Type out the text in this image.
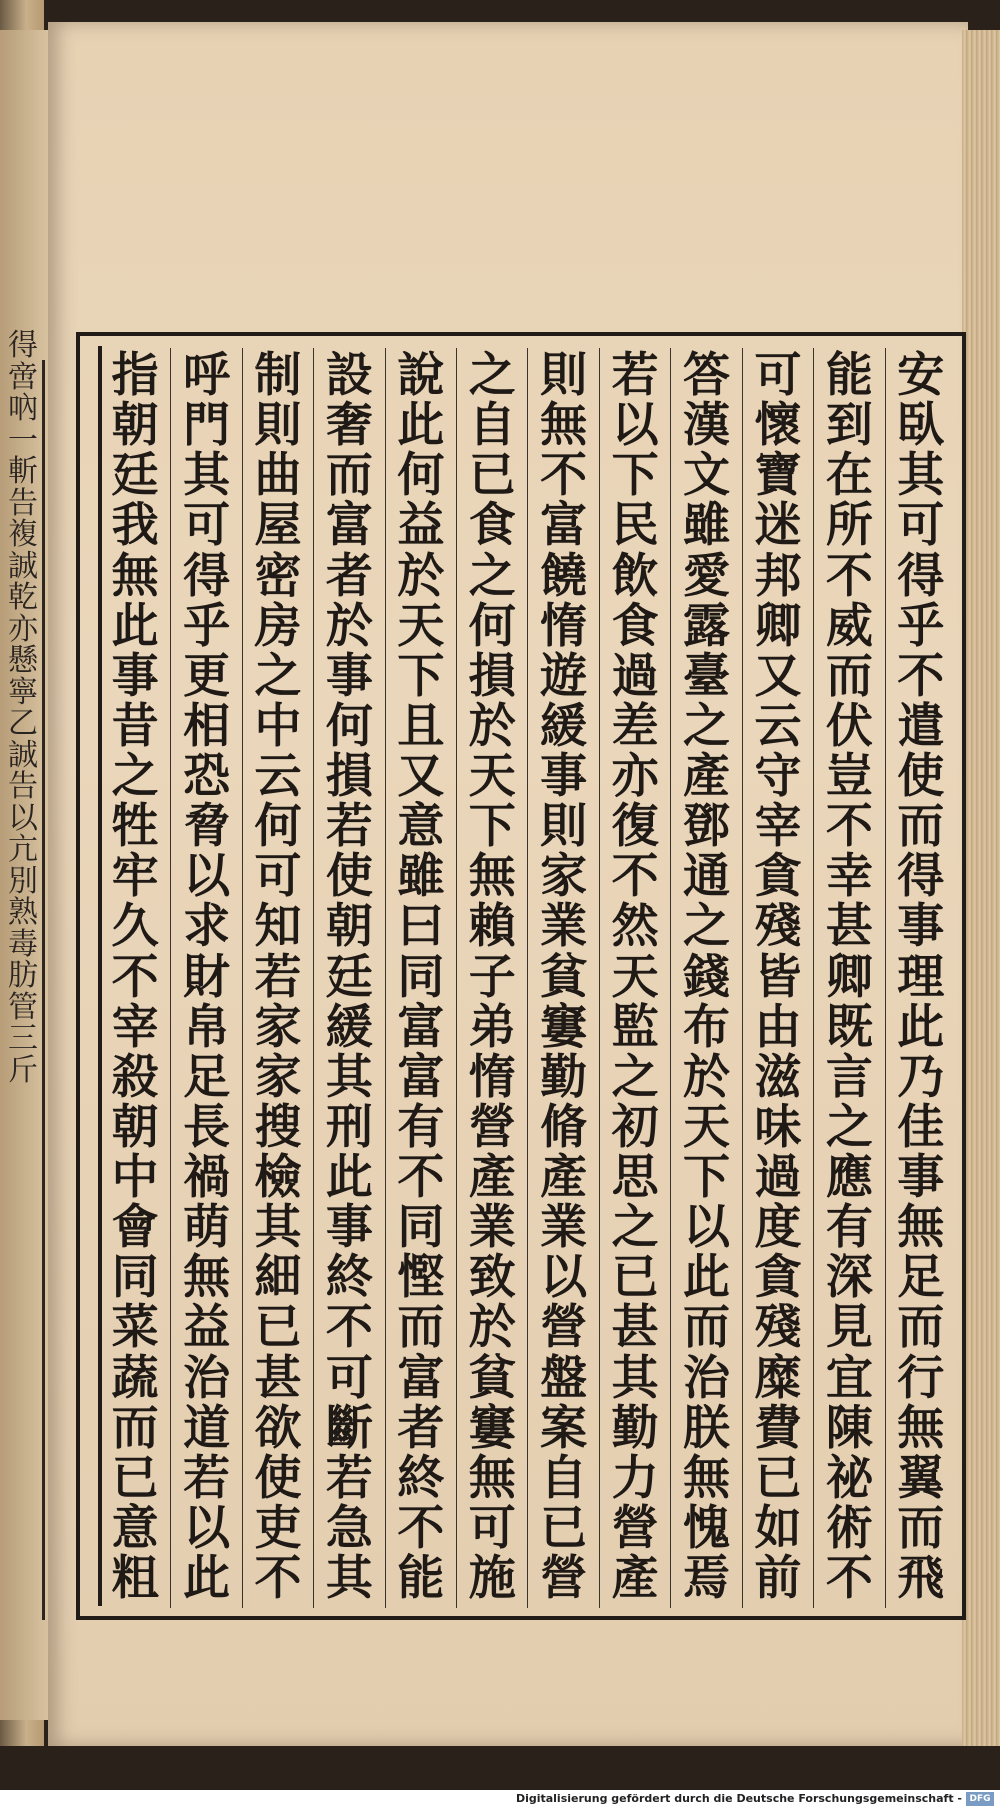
得啻吶一斬告複誠乾亦懸寧乙誠告以亢別熟毒肪管三斤
安
臥
其
可
得
乎
不
遣
使
而
得
事
理
此
乃
佳
事
無
足
而
行
無
翼
而
飛
能
到
在
所
不
威
而
伏
豈
不
幸
甚
卿
既
言
之
應
有
深
見
宜
陳
祕
術
不
可
懷
寶
迷
邦
卿
又
云
守
宰
貪
殘
皆
由
滋
味
過
度
貪
殘
糜
費
已
如
前
答
漢
文
雖
愛
露
臺
之
產
鄧
通
之
錢
布
於
天
下
以
此
而
治
朕
無
愧
焉
若
以
下
民
飲
食
過
差
亦
復
不
然
天
監
之
初
思
之
已
甚
其
勤
力
營
產
則
無
不
富
饒
惰
遊
緩
事
則
家
業
貧
窶
勤
脩
產
業
以
營
盤
案
自
已
營
之
自
已
食
之
何
損
於
天
下
無
賴
子
弟
惰
營
產
業
致
於
貧
窶
無
可
施
說
此
何
益
於
天
下
且
又
意
雖
曰
同
富
富
有
不
同
慳
而
富
者
終
不
能
設
奢
而
富
者
於
事
何
損
若
使
朝
廷
緩
其
刑
此
事
終
不
可
斷
若
急
其
制
則
曲
屋
密
房
之
中
云
何
可
知
若
家
家
搜
檢
其
細
已
甚
欲
使
吏
不
呼
門
其
可
得
乎
更
相
恐
脅
以
求
財
帛
足
長
禍
萌
無
益
治
道
若
以
此
指
朝
廷
我
無
此
事
昔
之
牲
牢
久
不
宰
殺
朝
中
會
同
菜
蔬
而
已
意
粗
Digitalisierung gefördert durch die Deutsche Forschungsgemeinschaft - DFG
